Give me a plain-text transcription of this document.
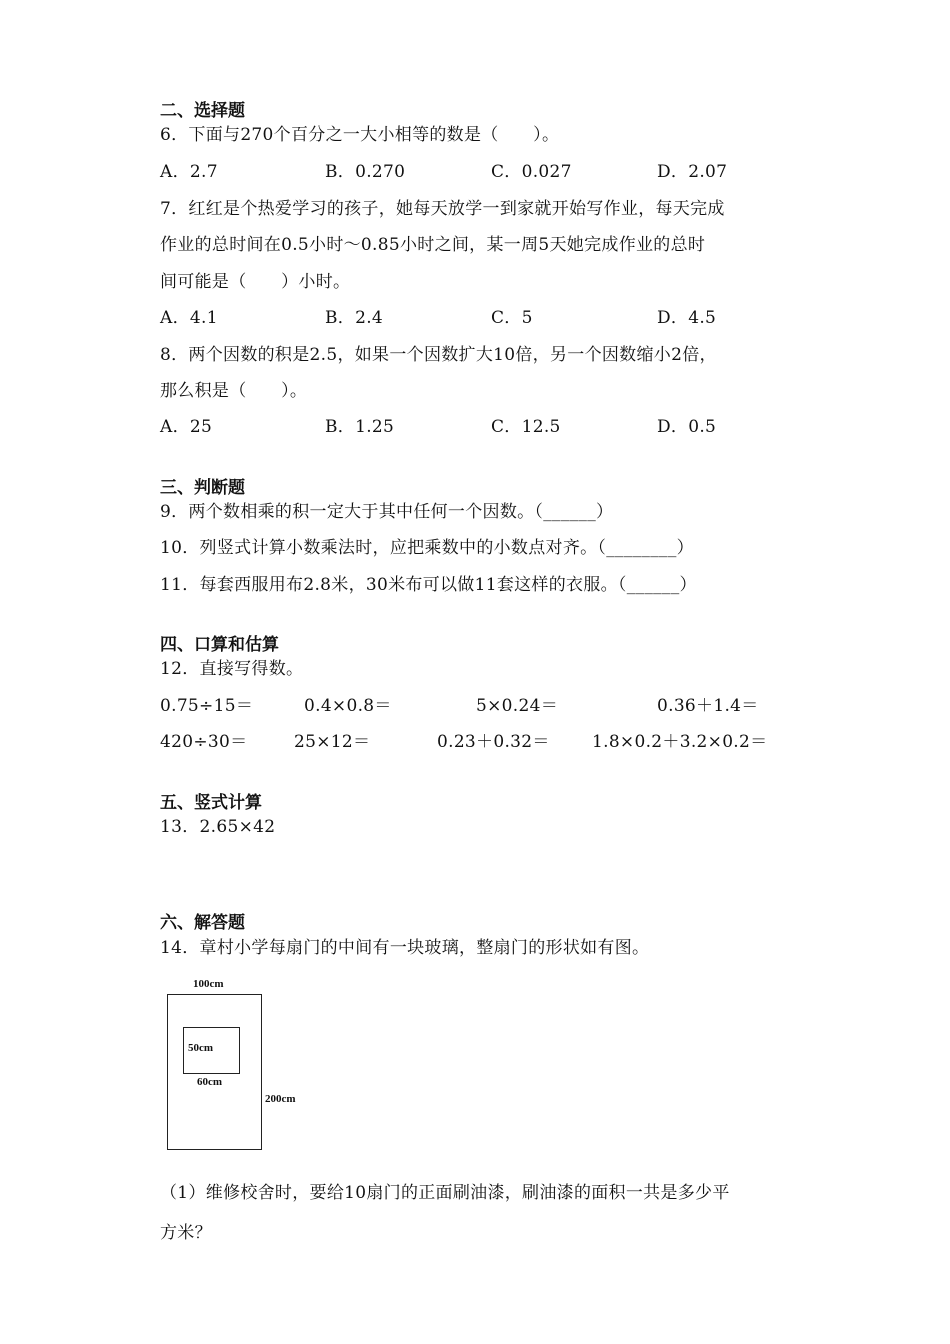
二、选择题
6．下面与270个百分之一大小相等的数是（　　）。
A．2.7	B．0.270	C．0.027	D．2.07
7．红红是个热爱学习的孩子，她每天放学一到家就开始写作业，每天完成
作业的总时间在0.5小时～0.85小时之间，某一周5天她完成作业的总时
间可能是（　　）小时。
A．4.1	B．2.4	C．5	D．4.5
8．两个因数的积是2.5，如果一个因数扩大10倍，另一个因数缩小2倍，
那么积是（　　）。
A．25	B．1.25	C．12.5	D．0.5
三、判断题
9．两个数相乘的积一定大于其中任何一个因数。（______）
10．列竖式计算小数乘法时，应把乘数中的小数点对齐。（________）
11．每套西服用布2.8米，30米布可以做11套这样的衣服。（______）
四、口算和估算
12．直接写得数。
0.75÷15＝	0.4×0.8＝	5×0.24＝	0.36＋1.4＝
420÷30＝	25×12＝	0.23＋0.32＝ 1.8×0.2＋3.2×0.2＝
五、竖式计算
13．2.65×42
六、解答题
14．章村小学每扇门的中间有一块玻璃，整扇门的形状如有图。
100cm
50cm
60cm
200cm
（1）维修校舍时，要给10扇门的正面刷油漆，刷油漆的面积一共是多少平
方米？
